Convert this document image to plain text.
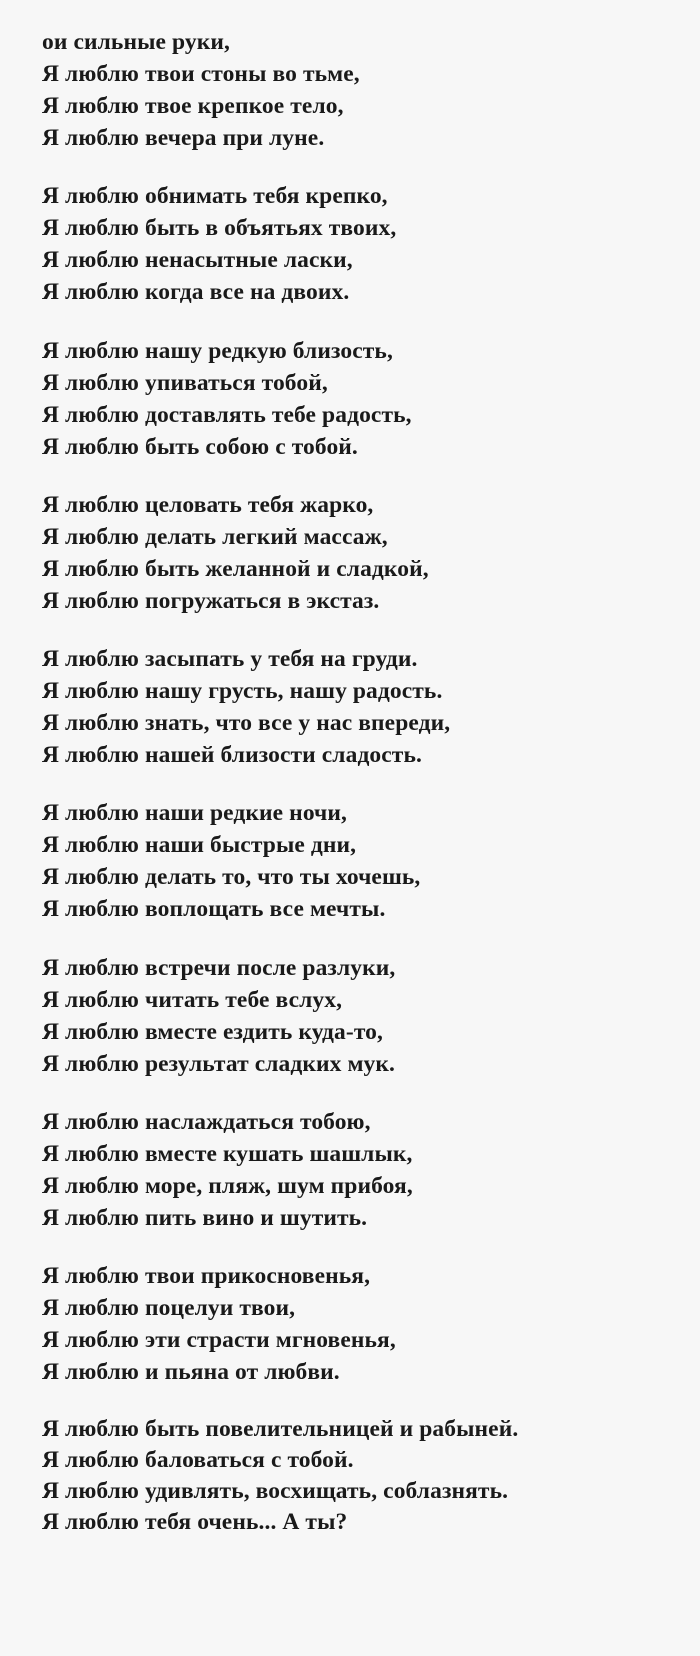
ои сильные руки,
Я люблю твои стоны во тьме,
Я люблю твое крепкое тело,
Я люблю вечера при луне.
Я люблю обнимать тебя крепко,
Я люблю быть в объятьях твоих,
Я люблю ненасытные ласки,
Я люблю когда все на двоих.
Я люблю нашу редкую близость,
Я люблю упиваться тобой,
Я люблю доставлять тебе радость,
Я люблю быть собою с тобой.
Я люблю целовать тебя жарко,
Я люблю делать легкий массаж,
Я люблю быть желанной и сладкой,
Я люблю погружаться в экстаз.
Я люблю засыпать у тебя на груди.
Я люблю нашу грусть, нашу радость.
Я люблю знать, что все у нас впереди,
Я люблю нашей близости сладость.
Я люблю наши редкие ночи,
Я люблю наши быстрые дни,
Я люблю делать то, что ты хочешь,
Я люблю воплощать все мечты.
Я люблю встречи после разлуки,
Я люблю читать тебе вслух,
Я люблю вместе ездить куда-то,
Я люблю результат сладких мук.
Я люблю наслаждаться тобою,
Я люблю вместе кушать шашлык,
Я люблю море, пляж, шум прибоя,
Я люблю пить вино и шутить.
Я люблю твои прикосновенья,
Я люблю поцелуи твои,
Я люблю эти страсти мгновенья,
Я люблю и пьяна от любви.
Я люблю быть повелительницей и рабыней.
Я люблю баловаться с тобой.
Я люблю удивлять, восхищать, соблазнять.
Я люблю тебя очень... А ты?
